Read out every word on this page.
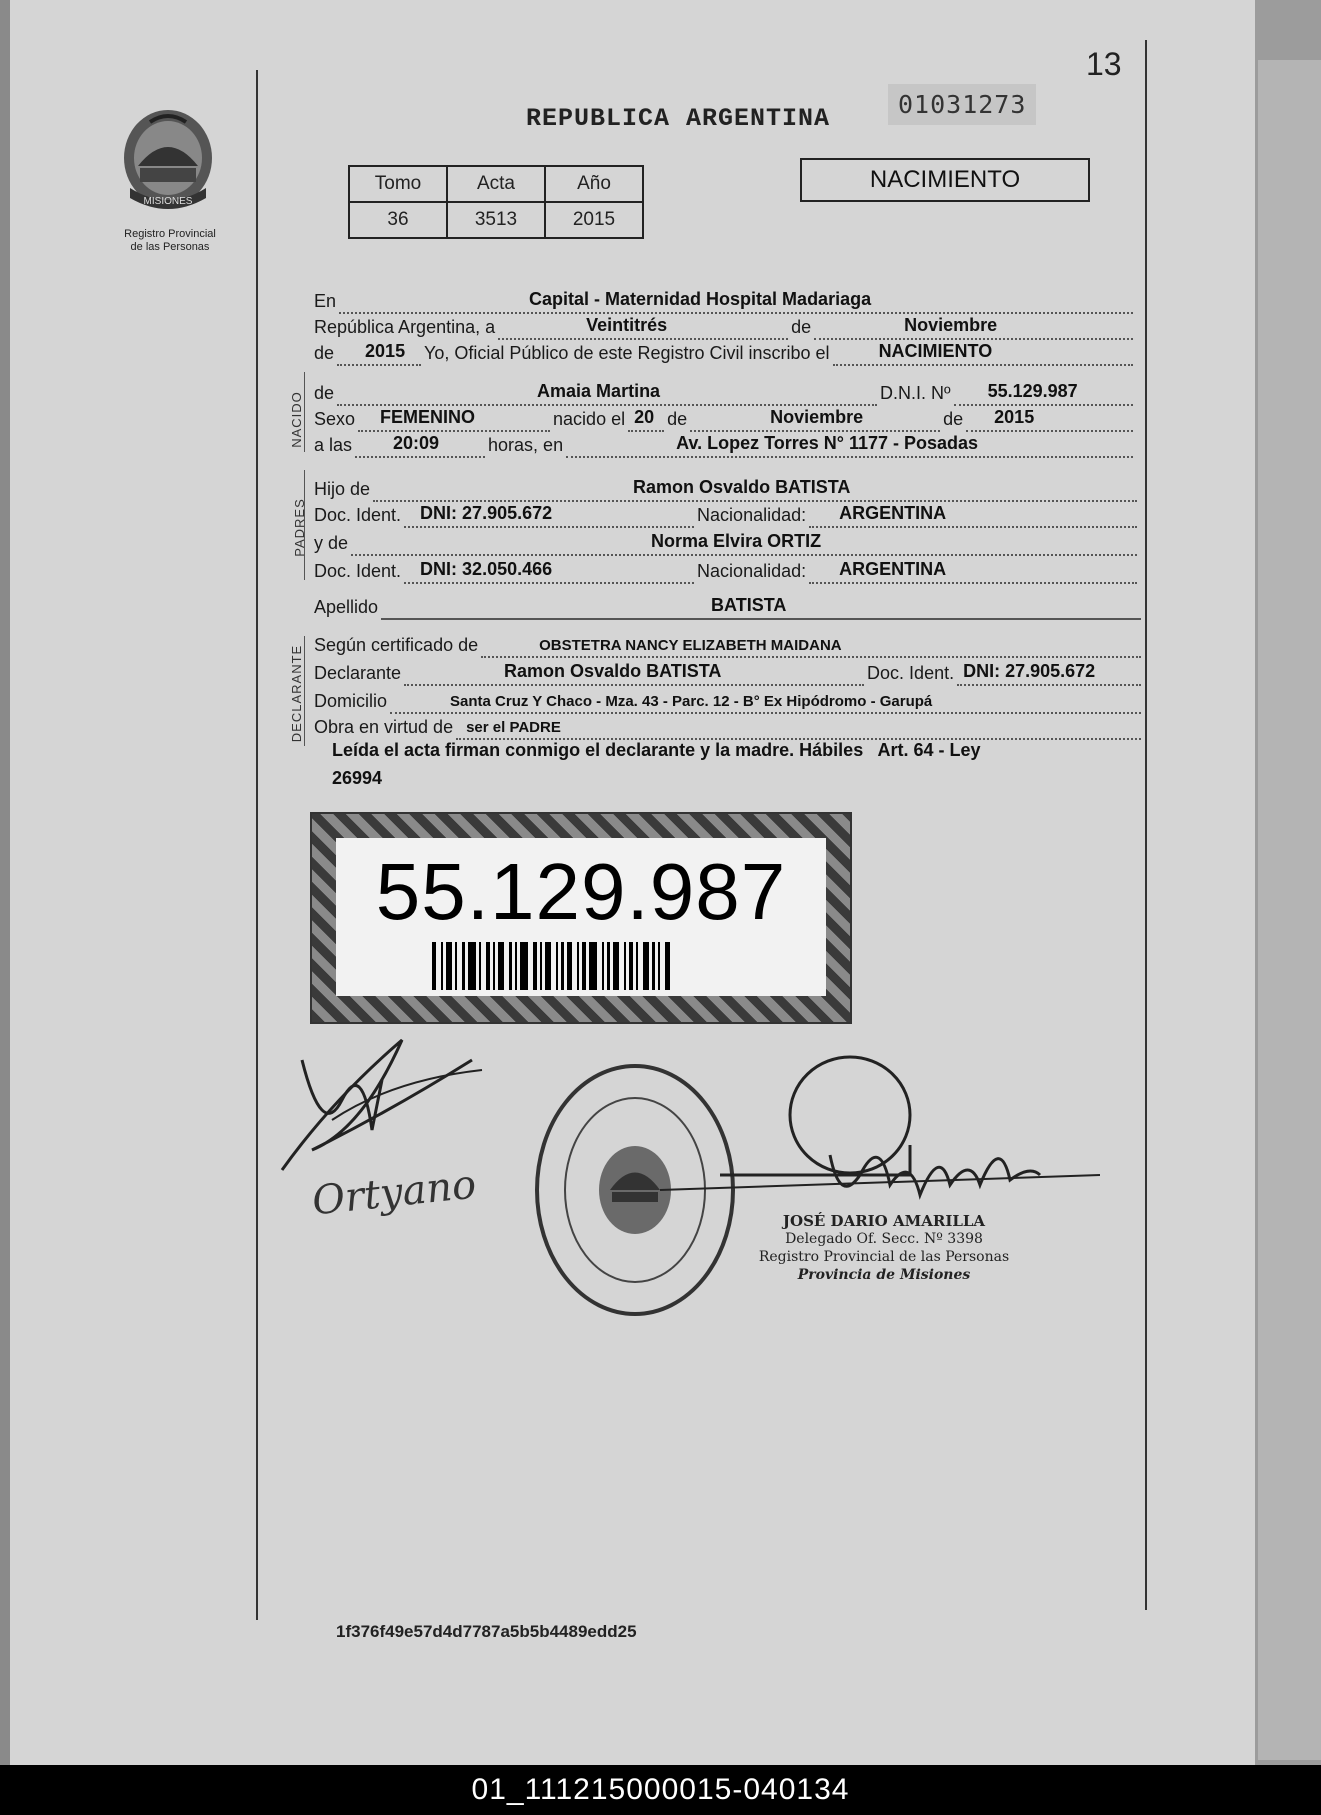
13
MISIONES
Registro Provincial
de las Personas
REPUBLICA ARGENTINA	01031273
Tomo	Acta	Año
36	3513	2015
NACIMIENTO
En	Capital - Maternidad Hospital Madariaga
República Argentina, a	Veintitrés	de	Noviembre
de 2015 Yo, Oficial Público de este Registro Civil inscribo el	NACIMIENTO
NACIDO de	Amaia Martina	D.N.I. Nº 55.129.987
Sexo FEMENINO	nacido el 20 de	Noviembre	de 2015
a las 20:09	horas, en	Av. Lopez Torres N° 1177 - Posadas
PADRES
Hijo de	Ramon Osvaldo BATISTA
Doc. Ident. DNI: 27.905.672	Nacionalidad: ARGENTINA
y de	Norma Elvira ORTIZ
Doc. Ident. DNI: 32.050.466	Nacionalidad: ARGENTINA
Apellido	BATISTA
DECLARANTE Según certificado de	OBSTETRA NANCY ELIZABETH MAIDANA
Declarante	Ramon Osvaldo BATISTA	Doc. Ident. DNI: 27.905.672
Domicilio	Santa Cruz Y Chaco - Mza. 43 - Parc. 12 - B° Ex Hipódromo - Garupá
Obra en virtud de ser el PADRE
Leída el acta firman conmigo el declarante y la madre. Hábiles   Art. 64 - Ley
26994
55.129.987
Ortyano	JOSÉ DARIO AMARILLA
Delegado Of. Secc. Nº 3398
Registro Provincial de las Personas
Provincia de Misiones
1f376f49e57d4d7787a5b5b4489edd25
01_111215000015-040134
